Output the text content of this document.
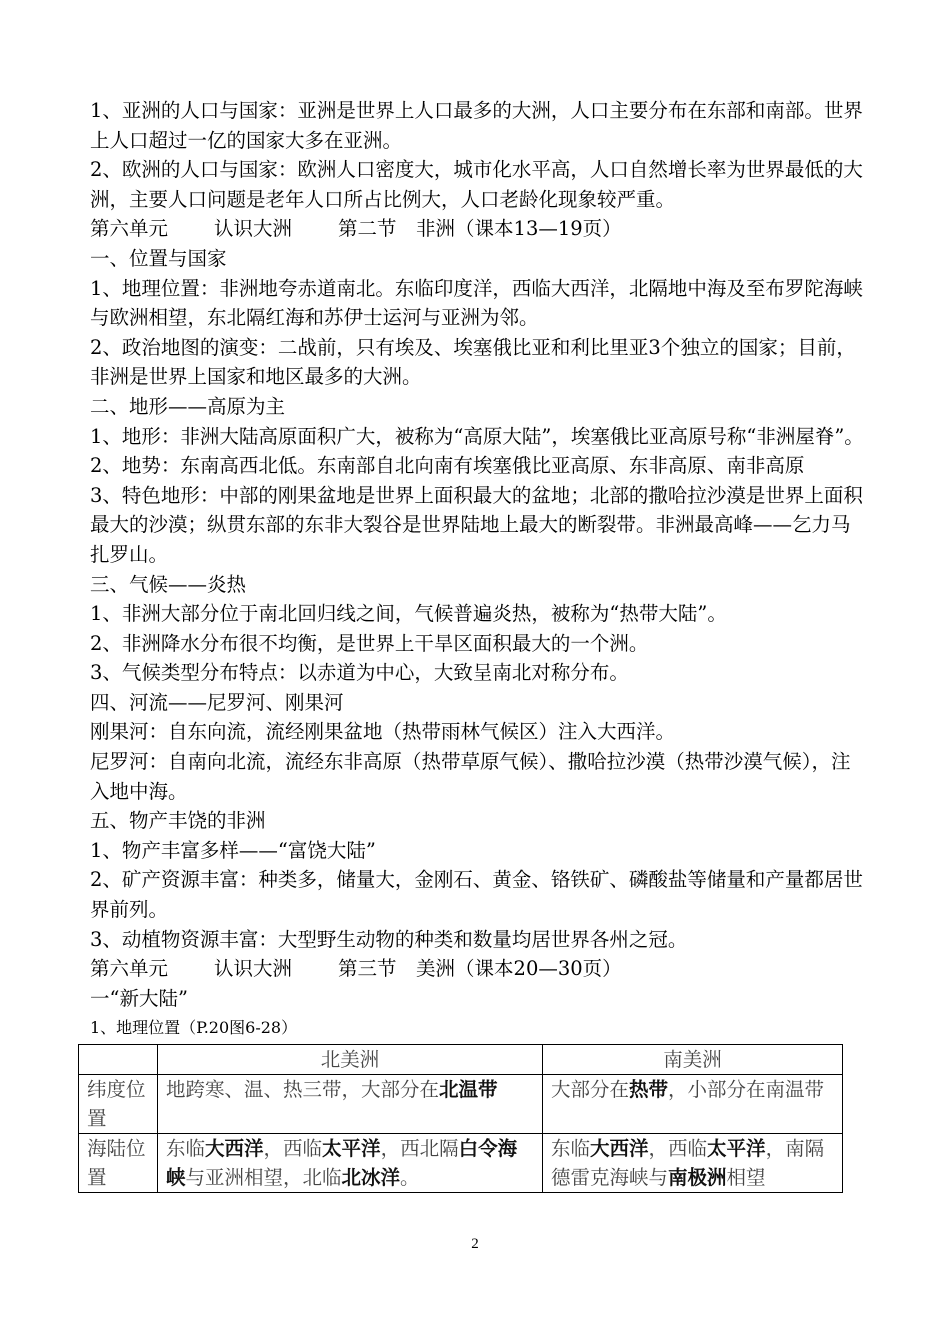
1、亚洲的人口与国家：亚洲是世界上人口最多的大洲，人口主要分布在东部和南部。世界上人口超过一亿的国家大多在亚洲。

2、欧洲的人口与国家：欧洲人口密度大，城市化水平高，人口自然增长率为世界最低的大洲，主要人口问题是老年人口所占比例大，人口老龄化现象较严重。

第六单元 认识大洲 第二节　非洲（课本13—19页）

一、位置与国家

1、地理位置：非洲地夸赤道南北。东临印度洋，西临大西洋，北隔地中海及至布罗陀海峡与欧洲相望，东北隔红海和苏伊士运河与亚洲为邻。

2、政治地图的演变：二战前，只有埃及、埃塞俄比亚和利比里亚3个独立的国家；目前，非洲是世界上国家和地区最多的大洲。

二、地形——高原为主

1、地形：非洲大陆高原面积广大，被称为“高原大陆”，埃塞俄比亚高原号称“非洲屋脊”。

2、地势：东南高西北低。东南部自北向南有埃塞俄比亚高原、东非高原、南非高原

3、特色地形：中部的刚果盆地是世界上面积最大的盆地；北部的撒哈拉沙漠是世界上面积最大的沙漠；纵贯东部的东非大裂谷是世界陆地上最大的断裂带。非洲最高峰——乞力马扎罗山。

三、气候——炎热

1、非洲大部分位于南北回归线之间，气候普遍炎热，被称为“热带大陆”。

2、非洲降水分布很不均衡，是世界上干旱区面积最大的一个洲。

3、气候类型分布特点：以赤道为中心，大致呈南北对称分布。

四、河流——尼罗河、刚果河

刚果河：自东向流，流经刚果盆地（热带雨林气候区）注入大西洋。

尼罗河：自南向北流，流经东非高原（热带草原气候）、撒哈拉沙漠（热带沙漠气候），注入地中海。

五、物产丰饶的非洲

1、物产丰富多样——“富饶大陆”

2、矿产资源丰富：种类多，储量大，金刚石、黄金、铬铁矿、磷酸盐等储量和产量都居世界前列。

3、动植物资源丰富：大型野生动物的种类和数量均居世界各州之冠。

第六单元 认识大洲 第三节　美洲（课本20—30页）

一“新大陆”

1、地理位置（P.20图6-28）

	北美洲	南美洲
纬度位置	地跨寒、温、热三带，大部分在北温带	大部分在热带，小部分在南温带
海陆位置	东临大西洋，西临太平洋，西北隔白令海峡与亚洲相望，北临北冰洋。	东临大西洋，西临太平洋，南隔德雷克海峡与南极洲相望
2
